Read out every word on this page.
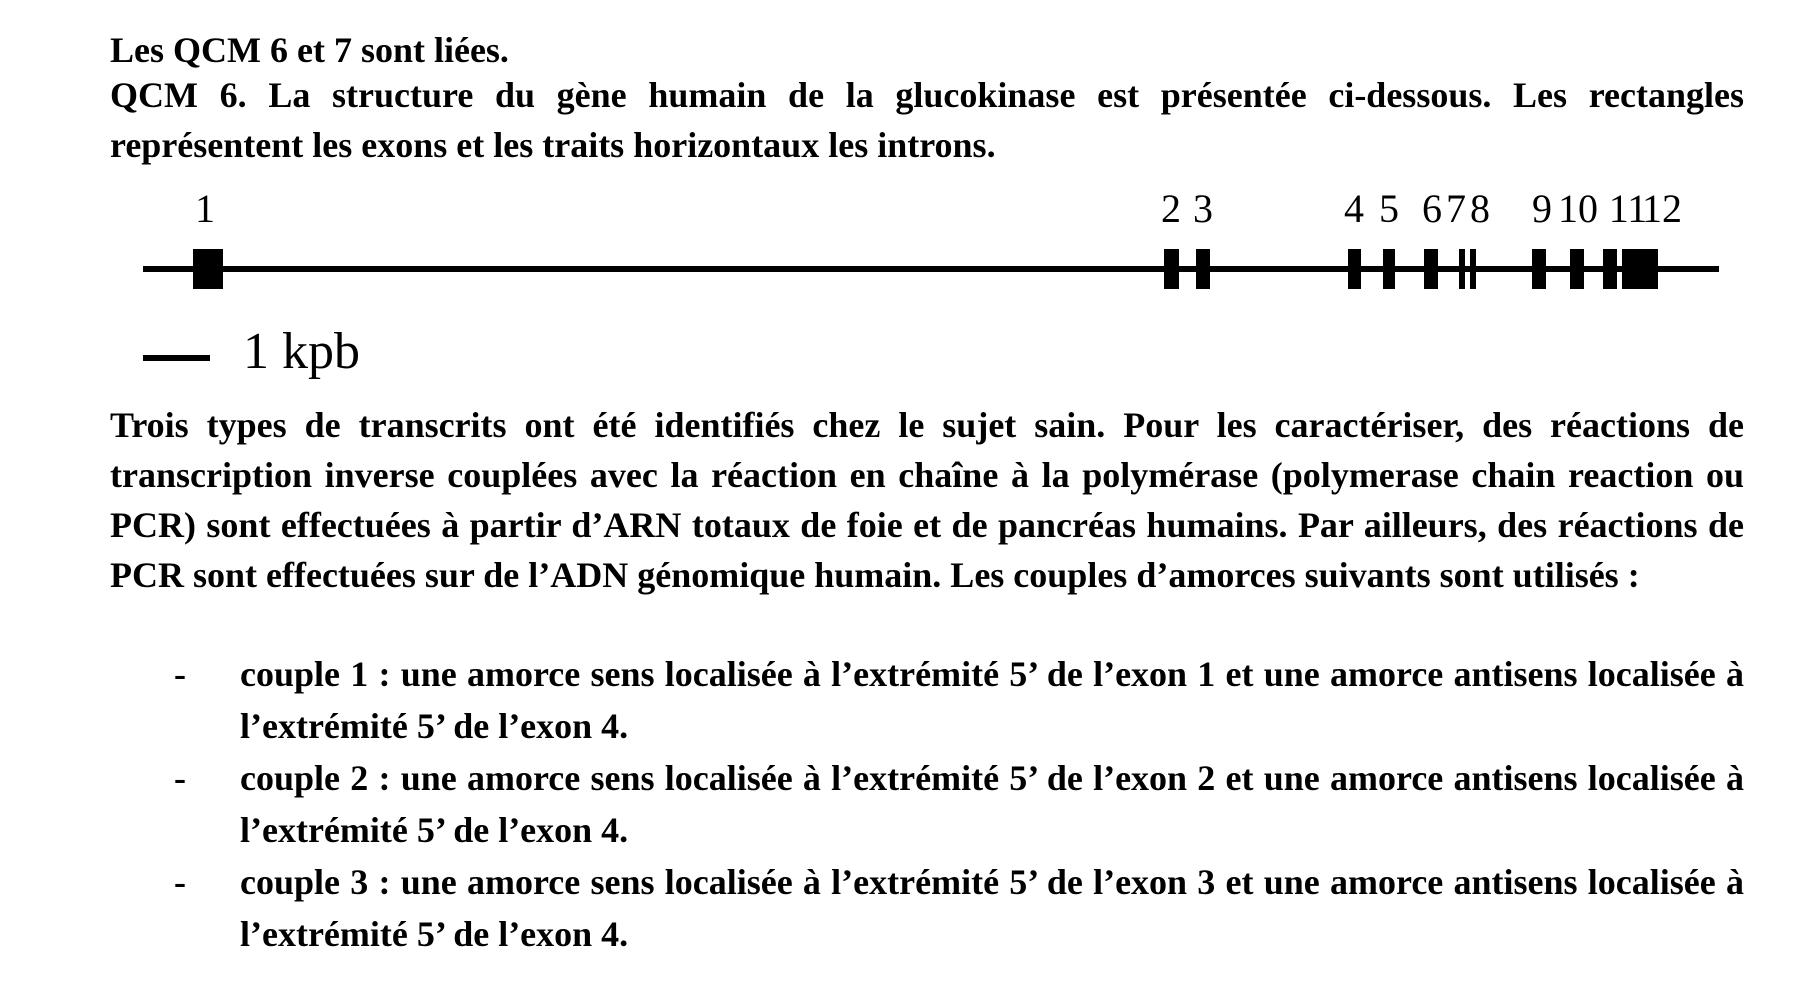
Les QCM 6 et 7 sont liées.

QCM 6. La structure du gène humain de la glucokinase est présentée ci-dessous. Les rectangles représentent les exons et les traits horizontaux les introns.

1	2 3	4 5 6 7 8 9 10 11
12
1 kpb

Trois types de transcrits ont été identifiés chez le sujet sain. Pour les caractériser, des réactions de transcription inverse couplées avec la réaction en chaîne à la polymérase (polymerase chain reaction ou PCR) sont effectuées à partir d’ARN totaux de foie et de pancréas humains. Par ailleurs, des réactions de PCR sont effectuées sur de l’ADN génomique humain. Les couples d’amorces suivants sont utilisés :

- couple 1 : une amorce sens localisée à l’extrémité 5’ de l’exon 1 et une amorce antisens localisée à l’extrémité 5’ de l’exon 4.
- couple 2 : une amorce sens localisée à l’extrémité 5’ de l’exon 2 et une amorce antisens localisée à l’extrémité 5’ de l’exon 4.
- couple 3 : une amorce sens localisée à l’extrémité 5’ de l’exon 3 et une amorce antisens localisée à l’extrémité 5’ de l’exon 4.
